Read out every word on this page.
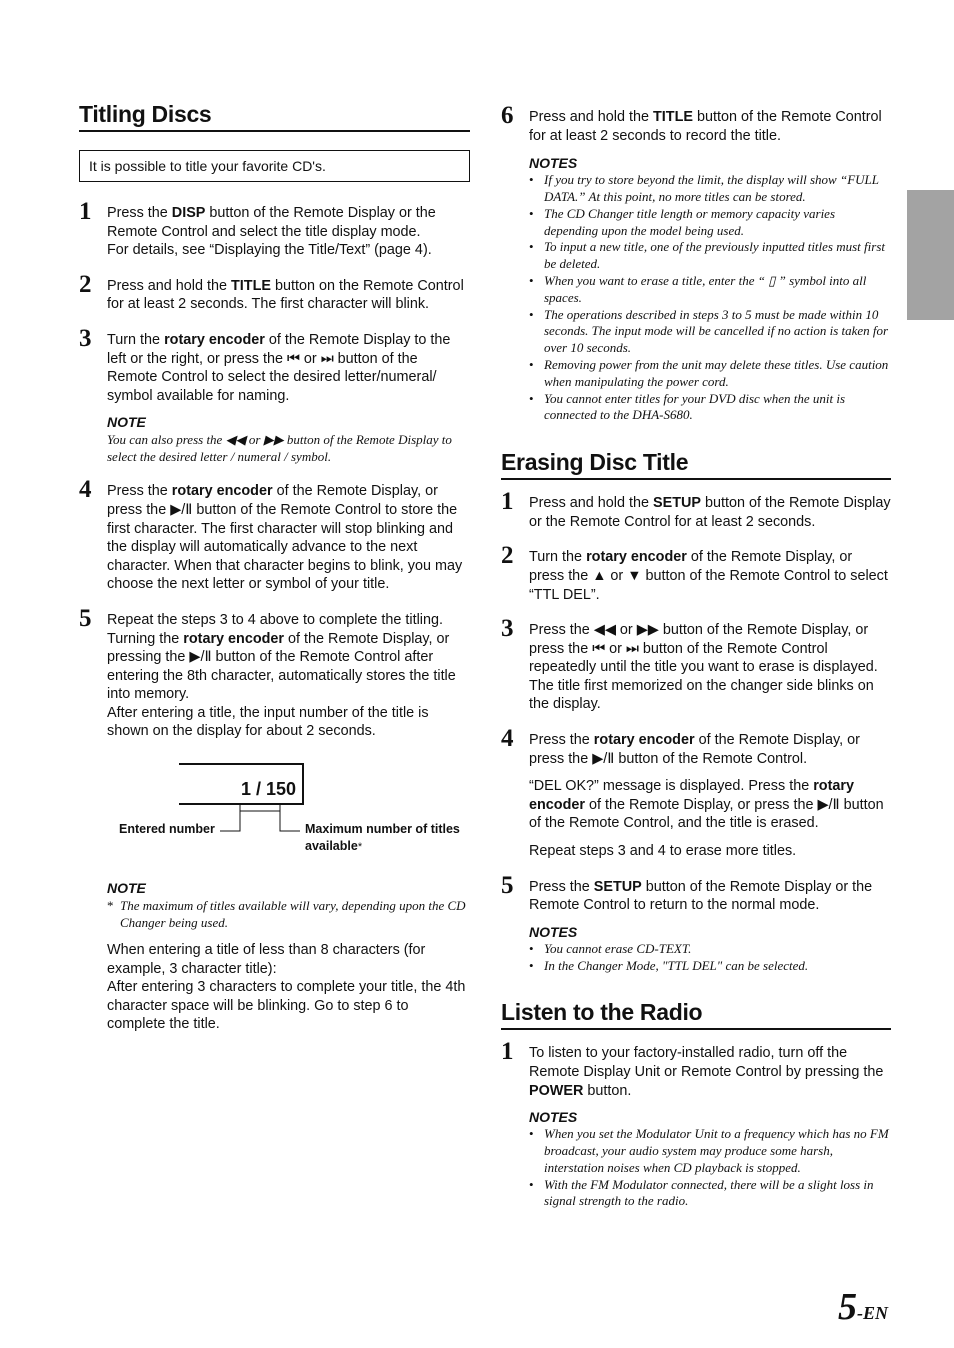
Titling Discs
It is possible to title your favorite CD's.
1 Press the DISP button of the Remote Display or the Remote Control and select the title display mode.

For details, see “Displaying the Title/Text” (page 4).

2 Press and hold the TITLE button on the Remote Control for at least 2 seconds. The first character will blink.

3 Turn the rotary encoder of the Remote Display to the left or the right, or press the ⏮ or ⏭ button of the Remote Control to select the desired letter/numeral/ symbol available for naming.

NOTE

You can also press the ◀◀ or ▶▶ button of the Remote Display to select the desired letter / numeral / symbol.

4 Press the rotary encoder of the Remote Display, or press the ▶/Ⅱ button of the Remote Control to store the first character. The first character will stop blinking and the display will automatically advance to the next character. When that character begins to blink, you may choose the next letter or symbol of your title.

5 Repeat the steps 3 to 4 above to complete the titling. Turning the rotary encoder of the Remote Display, or pressing the ▶/Ⅱ button of the Remote Control after entering the 8th character, automatically stores the title into memory.

After entering a title, the input number of the title is shown on the display for about 2 seconds.

1 / 150
Entered number	Maximum number of titles available*

NOTE

* The maximum of titles available will vary, depending upon the CD Changer being used.

When entering a title of less than 8 characters (for example, 3 character title):

After entering 3 characters to complete your title, the 4th character space will be blinking. Go to step 6 to complete the title.

6 Press and hold the TITLE button of the Remote Control for at least 2 seconds to record the title.

NOTES

• If you try to store beyond the limit, the display will show “FULL DATA.” At this point, no more titles can be stored.
• The CD Changer title length or memory capacity varies depending upon the model being used.
• To input a new title, one of the previously inputted titles must first be deleted.
• When you want to erase a title, enter the “ ▯ ” symbol into all spaces.
• The operations described in steps 3 to 5 must be made within 10 seconds. The input mode will be cancelled if no action is taken for over 10 seconds.
• Removing power from the unit may delete these titles. Use caution when manipulating the power cord.
• You cannot enter titles for your DVD disc when the unit is connected to the DHA-S680.
Erasing Disc Title
1 Press and hold the SETUP button of the Remote Display or the Remote Control for at least 2 seconds.

2 Turn the rotary encoder of the Remote Display, or press the ▲ or ▼ button of the Remote Control to select “TTL DEL”.

3 Press the ◀◀ or ▶▶ button of the Remote Display, or press the ⏮ or ⏭ button of the Remote Control repeatedly until the title you want to erase is displayed. The title first memorized on the changer side blinks on the display.

4 Press the rotary encoder of the Remote Display, or press the ▶/Ⅱ button of the Remote Control.

“DEL OK?” message is displayed. Press the rotary encoder of the Remote Display, or press the ▶/Ⅱ button of the Remote Control, and the title is erased.

Repeat steps 3 and 4 to erase more titles.

5 Press the SETUP button of the Remote Display or the Remote Control to return to the normal mode.

NOTES

• You cannot erase CD-TEXT.
• In the Changer Mode, "TTL DEL" can be selected.
Listen to the Radio
1 To listen to your factory-installed radio, turn off the Remote Display Unit or Remote Control by pressing the POWER button.

NOTES

• When you set the Modulator Unit to a frequency which has no FM broadcast, your audio system may produce some harsh, interstation noises when CD playback is stopped.
• With the FM Modulator connected, there will be a slight loss in signal strength to the radio.
5-EN
